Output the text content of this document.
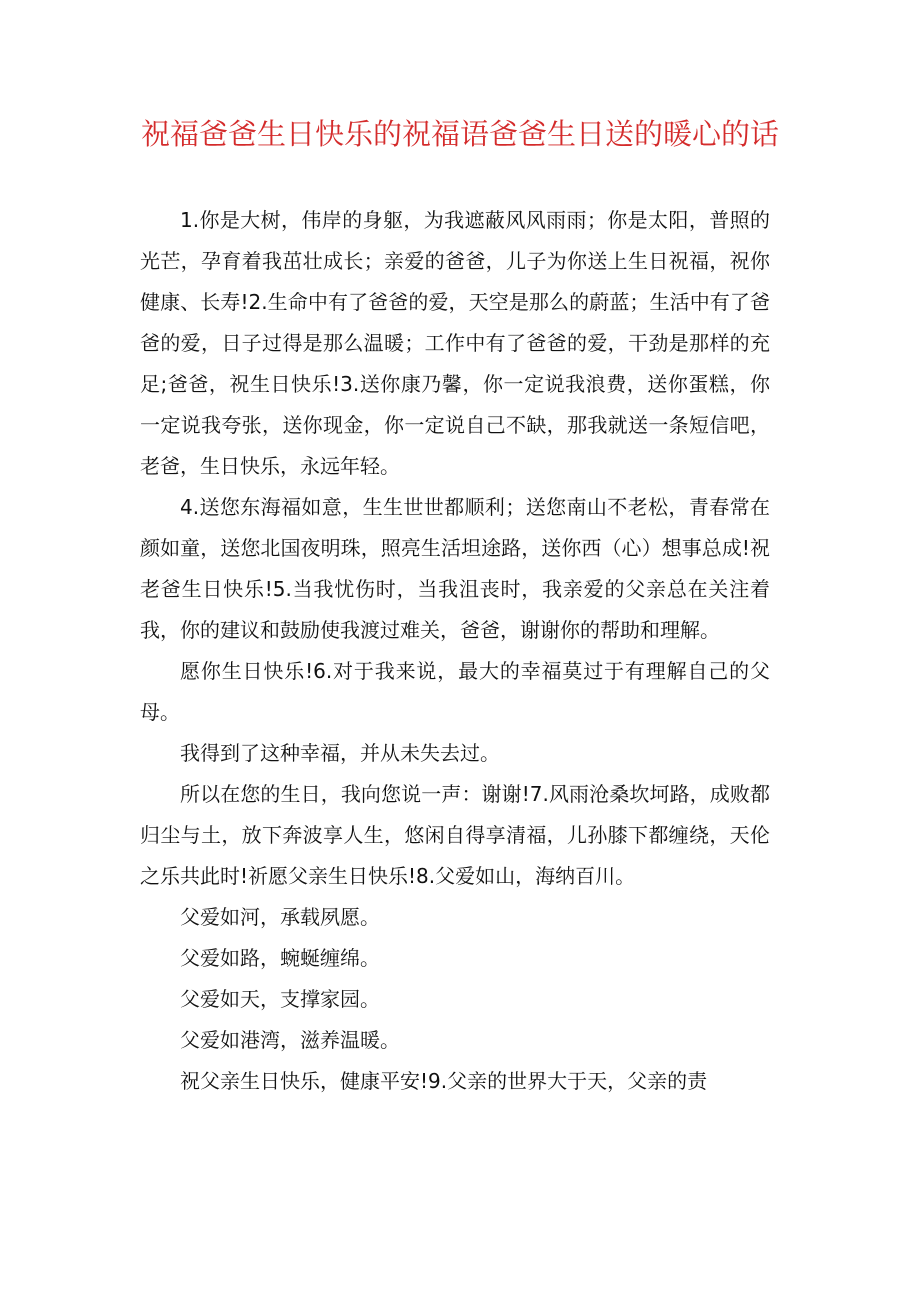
祝福爸爸生日快乐的祝福语爸爸生日送的暖心的话

1.你是大树，伟岸的身躯，为我遮蔽风风雨雨；你是太阳，普照的光芒，孕育着我茁壮成长；亲爱的爸爸，儿子为你送上生日祝福，祝你健康、长寿!2.生命中有了爸爸的爱，天空是那么的蔚蓝；生活中有了爸爸的爱，日子过得是那么温暖；工作中有了爸爸的爱，干劲是那样的充足;爸爸，祝生日快乐!3.送你康乃馨，你一定说我浪费，送你蛋糕，你一定说我夸张，送你现金，你一定说自己不缺，那我就送一条短信吧，老爸，生日快乐，永远年轻。

4.送您东海福如意，生生世世都顺利；送您南山不老松，青春常在颜如童，送您北国夜明珠，照亮生活坦途路，送你西（心）想事总成!祝老爸生日快乐!5.当我忧伤时，当我沮丧时，我亲爱的父亲总在关注着我，你的建议和鼓励使我渡过难关，爸爸，谢谢你的帮助和理解。

愿你生日快乐!6.对于我来说，最大的幸福莫过于有理解自己的父母。

我得到了这种幸福，并从未失去过。

所以在您的生日，我向您说一声：谢谢!7.风雨沧桑坎坷路，成败都归尘与土，放下奔波享人生，悠闲自得享清福，儿孙膝下都缠绕，天伦之乐共此时!祈愿父亲生日快乐!8.父爱如山，海纳百川。

父爱如河，承载夙愿。

父爱如路，蜿蜒缠绵。

父爱如天，支撑家园。

父爱如港湾，滋养温暖。

祝父亲生日快乐，健康平安!9.父亲的世界大于天，父亲的责
